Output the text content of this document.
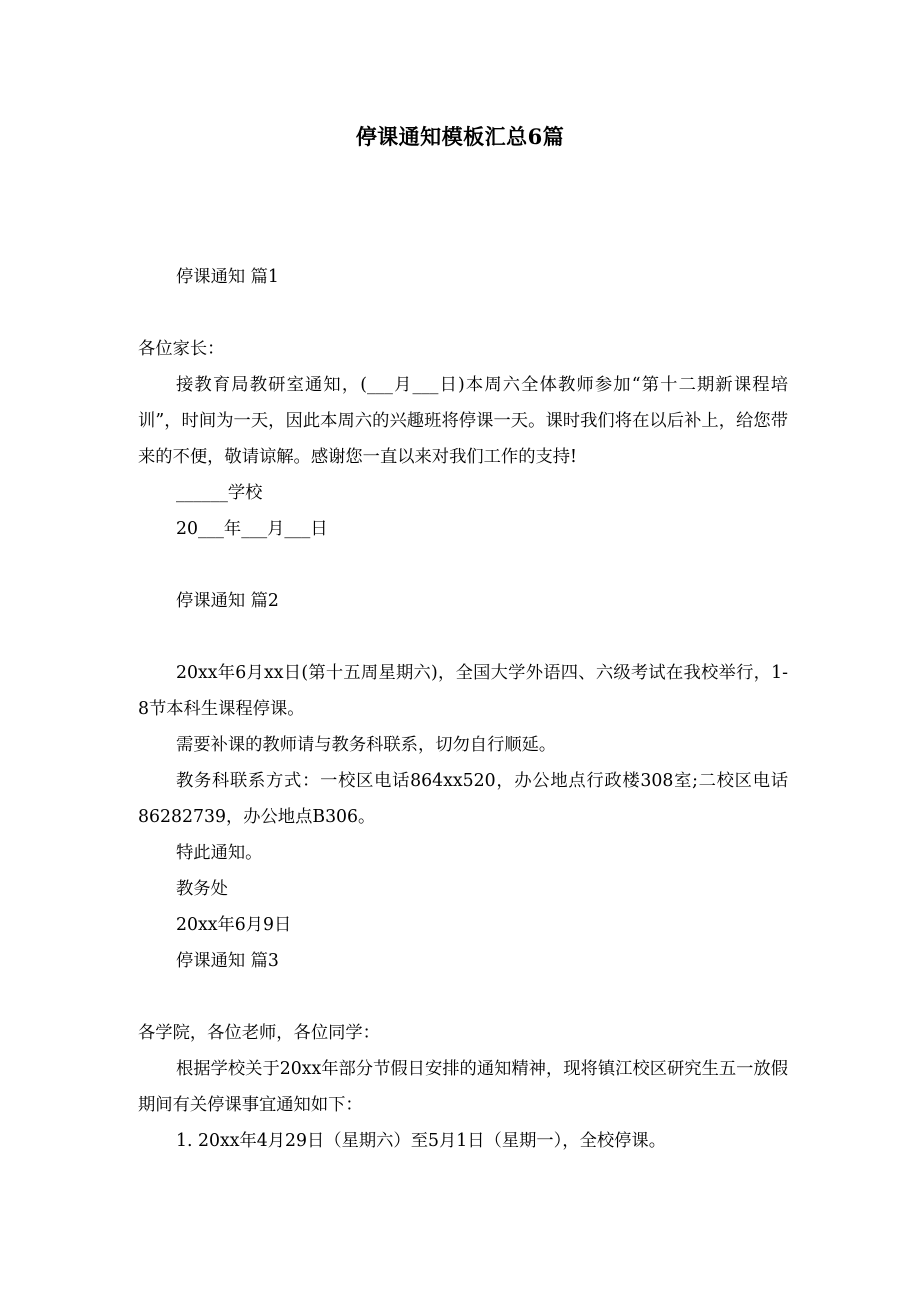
停课通知模板汇总6篇
停课通知 篇1
各位家长：
接教育局教研室通知，(___月___日)本周六全体教师参加“第十二期新课程培训”，时间为一天，因此本周六的兴趣班将停课一天。课时我们将在以后补上，给您带来的不便，敬请谅解。感谢您一直以来对我们工作的支持!
______学校
20___年___月___日
停课通知 篇2
20xx年6月xx日(第十五周星期六)，全国大学外语四、六级考试在我校举行，1-8节本科生课程停课。
需要补课的教师请与教务科联系，切勿自行顺延。
教务科联系方式：一校区电话864xx520，办公地点行政楼308室;二校区电话86282739，办公地点B306。
特此通知。
教务处
20xx年6月9日
停课通知 篇3
各学院，各位老师，各位同学：
根据学校关于20xx年部分节假日安排的通知精神，现将镇江校区研究生五一放假期间有关停课事宜通知如下：
1. 20xx年4月29日（星期六）至5月1日（星期一），全校停课。
